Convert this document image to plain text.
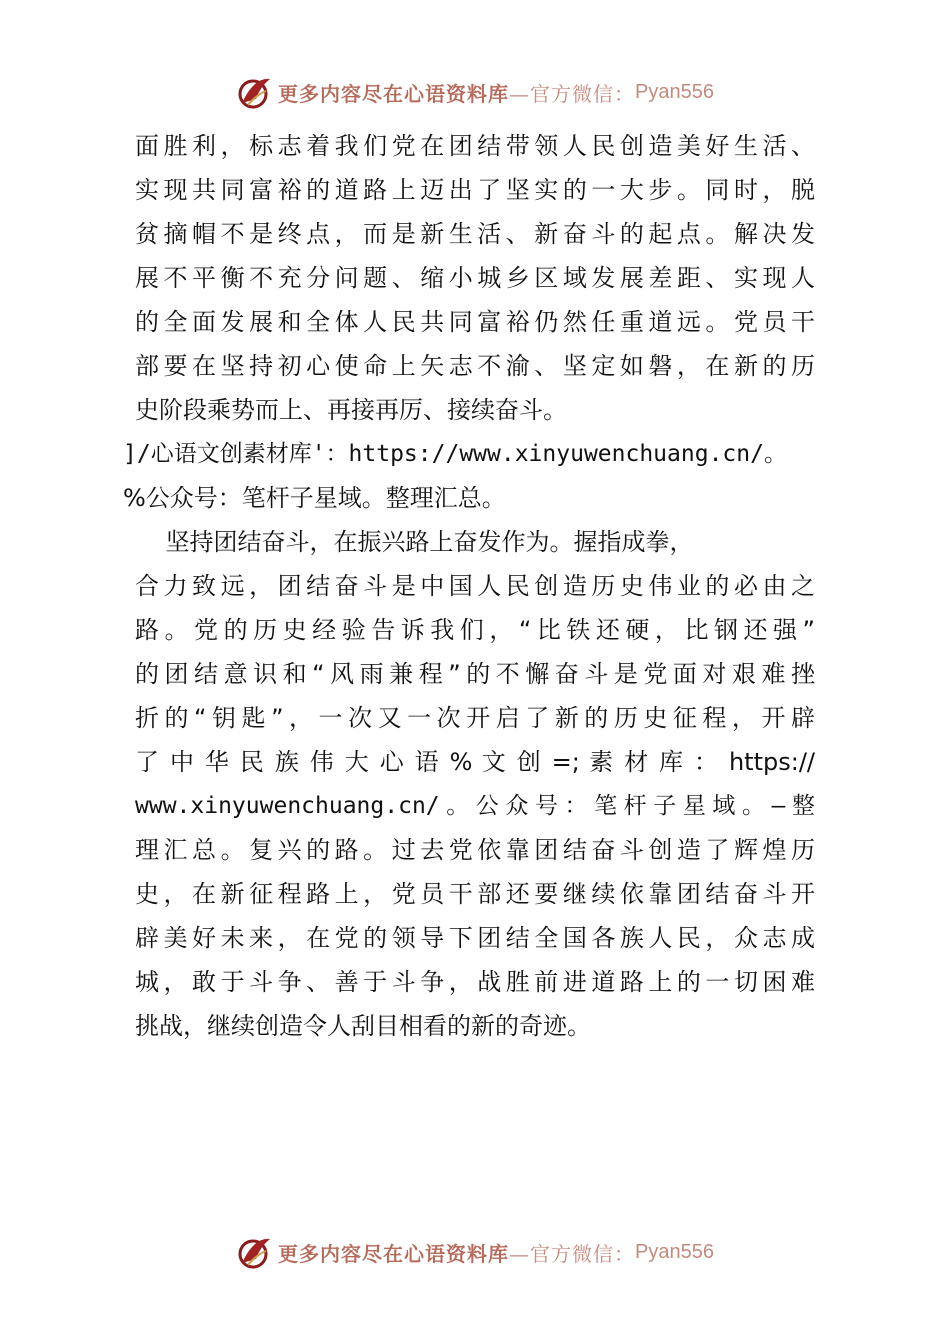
更多内容尽在心语资料库 —官方微信： Pyan556
面胜利，标志着我们党在团结带领人民创造美好生活、
实现共同富裕的道路上迈出了坚实的一大步。同时，脱
贫摘帽不是终点，而是新生活、新奋斗的起点。解决发
展不平衡不充分问题、缩小城乡区域发展差距、实现人
的全面发展和全体人民共同富裕仍然任重道远。党员干
部要在坚持初心使命上矢志不渝、坚定如磐，在新的历
史阶段乘势而上、再接再厉、接续奋斗。
]/心语文创素材库'：https://www.xinyuwenchuang.cn/。
%公众号：笔杆子星域。整理汇总。
坚持团结奋斗，在振兴路上奋发作为。握指成拳，
合力致远，团结奋斗是中国人民创造历史伟业的必由之
路。党的历史经验告诉我们，“比铁还硬，比钢还强”
的团结意识和“风雨兼程”的不懈奋斗是党面对艰难挫
折的“钥匙”，一次又一次开启了新的历史征程，开辟
了 中 华 民 族 伟 大 心 语 % 文 创 =; 素 材 库 ： https://
www.xinyuwenchuang.cn/。公众号：笔杆子星域。—整
理汇总。复兴的路。过去党依靠团结奋斗创造了辉煌历
史，在新征程路上，党员干部还要继续依靠团结奋斗开
辟美好未来，在党的领导下团结全国各族人民，众志成
城，敢于斗争、善于斗争，战胜前进道路上的一切困难
挑战，继续创造令人刮目相看的新的奇迹。
更多内容尽在心语资料库 —官方微信： Pyan556
